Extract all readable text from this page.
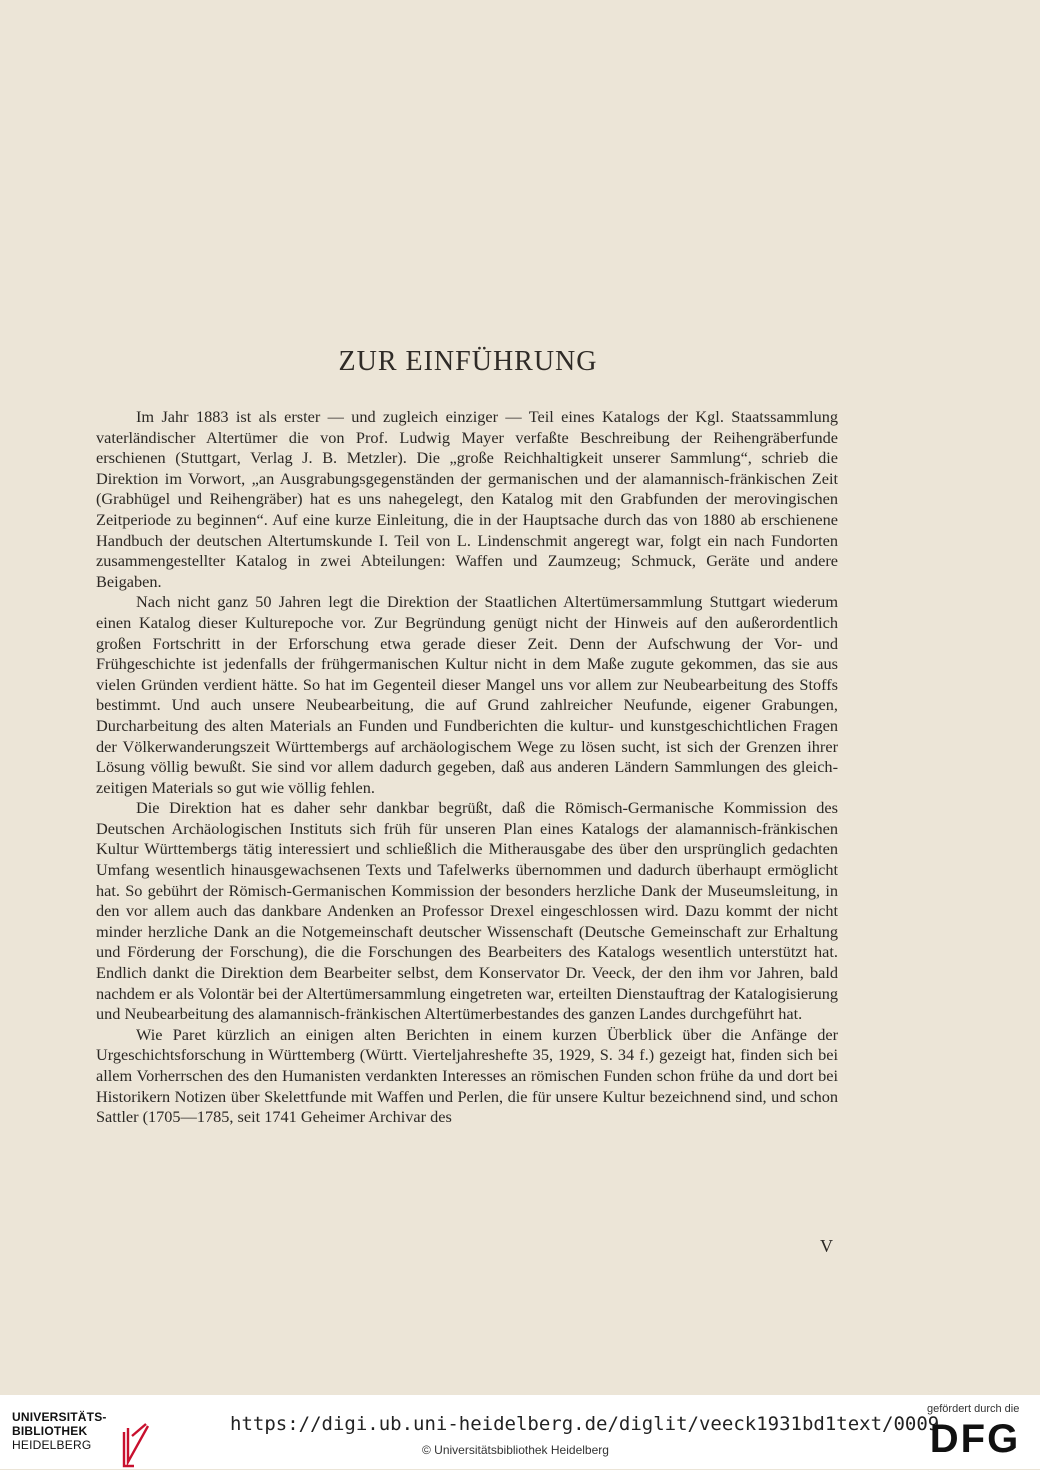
ZUR EINFÜHRUNG

Im Jahr 1883 ist als erster — und zugleich einziger — Teil eines Katalogs der Kgl. Staatssammlung vaterländischer Altertümer die von Prof. Ludwig Mayer verfaßte Beschreibung der Reihengräberfunde erschienen (Stuttgart, Verlag J. B. Metzler). Die „große Reichhaltigkeit unserer Sammlung“, schrieb die Direktion im Vorwort, „an Ausgrabungsgegenständen der germanischen und der alamannisch-fränkischen Zeit (Grabhügel und Reihengräber) hat es uns nahegelegt, den Katalog mit den Grabfunden der merovingischen Zeitperiode zu beginnen“. Auf eine kurze Einleitung, die in der Hauptsache durch das von 1880 ab erschienene Handbuch der deutschen Altertumskunde I. Teil von L. Lindenschmit angeregt war, folgt ein nach Fundorten zusammengestellter Katalog in zwei Abteilungen: Waffen und Zaumzeug; Schmuck, Geräte und andere Beigaben.

Nach nicht ganz 50 Jahren legt die Direktion der Staatlichen Altertümersammlung Stuttgart wiederum einen Katalog dieser Kulturepoche vor. Zur Begründung genügt nicht der Hinweis auf den außerordentlich großen Fortschritt in der Erforschung etwa gerade dieser Zeit. Denn der Aufschwung der Vor- und Frühgeschichte ist jedenfalls der frühgermanischen Kultur nicht in dem Maße zugute gekommen, das sie aus vielen Gründen verdient hätte. So hat im Gegenteil dieser Mangel uns vor allem zur Neubearbeitung des Stoffs bestimmt. Und auch unsere Neubearbeitung, die auf Grund zahlreicher Neufunde, eigener Grabungen, Durcharbeitung des alten Materials an Funden und Fundberichten die kultur- und kunstgeschichtlichen Fragen der Völkerwanderungszeit Württembergs auf archäologischem Wege zu lösen sucht, ist sich der Grenzen ihrer Lösung völlig bewußt. Sie sind vor allem dadurch gegeben, daß aus anderen Ländern Sammlungen des gleichzeitigen Materials so gut wie völlig fehlen.

Die Direktion hat es daher sehr dankbar begrüßt, daß die Römisch-Germanische Kommission des Deutschen Archäologischen Instituts sich früh für unseren Plan eines Katalogs der alamannisch-fränkischen Kultur Württembergs tätig interessiert und schließlich die Mitherausgabe des über den ursprünglich gedachten Umfang wesentlich hinausgewachsenen Texts und Tafelwerks übernommen und dadurch überhaupt ermöglicht hat. So gebührt der Römisch-Germanischen Kommission der besonders herzliche Dank der Museumsleitung, in den vor allem auch das dankbare Andenken an Professor Drexel eingeschlossen wird. Dazu kommt der nicht minder herzliche Dank an die Notgemeinschaft deutscher Wissenschaft (Deutsche Gemeinschaft zur Erhaltung und Förderung der Forschung), die die Forschungen des Bearbeiters des Katalogs wesentlich unterstützt hat. Endlich dankt die Direktion dem Bearbeiter selbst, dem Konservator Dr. Veeck, der den ihm vor Jahren, bald nachdem er als Volontär bei der Altertümersammlung eingetreten war, erteilten Dienstauftrag der Katalogisierung und Neubearbeitung des alamannisch-fränkischen Altertümerbestandes des ganzen Landes durchgeführt hat.

Wie Paret kürzlich an einigen alten Berichten in einem kurzen Überblick über die Anfänge der Urgeschichtsforschung in Württemberg (Württ. Vierteljahreshefte 35, 1929, S. 34 f.) gezeigt hat, finden sich bei allem Vorherrschen des den Humanisten verdankten Interesses an römischen Funden schon frühe da und dort bei Historikern Notizen über Skelettfunde mit Waffen und Perlen, die für unsere Kultur bezeichnend sind, und schon Sattler (1705—1785, seit 1741 Geheimer Archivar des

V
UNIVERSITÄTS-
BIBLIOTHEK
HEIDELBERG
https://digi.ub.uni-heidelberg.de/diglit/veeck1931bd1text/0009
© Universitätsbibliothek Heidelberg
gefördert durch die
DFG
